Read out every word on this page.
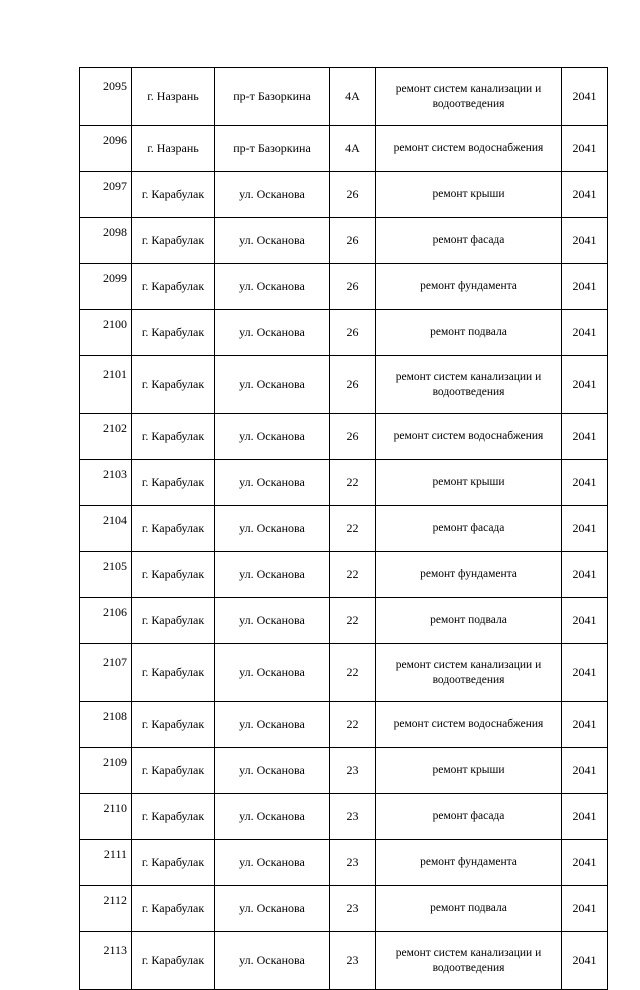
2095	г. Назрань	пр-т Базоркина	4А	ремонт систем канализации и водоотведения	2041
2096	г. Назрань	пр-т Базоркина	4А	ремонт систем водоснабжения	2041
2097	г. Карабулак	ул. Осканова	26	ремонт крыши	2041
2098	г. Карабулак	ул. Осканова	26	ремонт фасада	2041
2099	г. Карабулак	ул. Осканова	26	ремонт фундамента	2041
2100	г. Карабулак	ул. Осканова	26	ремонт подвала	2041
2101	г. Карабулак	ул. Осканова	26	ремонт систем канализации и водоотведения	2041
2102	г. Карабулак	ул. Осканова	26	ремонт систем водоснабжения	2041
2103	г. Карабулак	ул. Осканова	22	ремонт крыши	2041
2104	г. Карабулак	ул. Осканова	22	ремонт фасада	2041
2105	г. Карабулак	ул. Осканова	22	ремонт фундамента	2041
2106	г. Карабулак	ул. Осканова	22	ремонт подвала	2041
2107	г. Карабулак	ул. Осканова	22	ремонт систем канализации и водоотведения	2041
2108	г. Карабулак	ул. Осканова	22	ремонт систем водоснабжения	2041
2109	г. Карабулак	ул. Осканова	23	ремонт крыши	2041
2110	г. Карабулак	ул. Осканова	23	ремонт фасада	2041
2111	г. Карабулак	ул. Осканова	23	ремонт фундамента	2041
2112	г. Карабулак	ул. Осканова	23	ремонт подвала	2041
2113	г. Карабулак	ул. Осканова	23	ремонт систем канализации и водоотведения	2041
